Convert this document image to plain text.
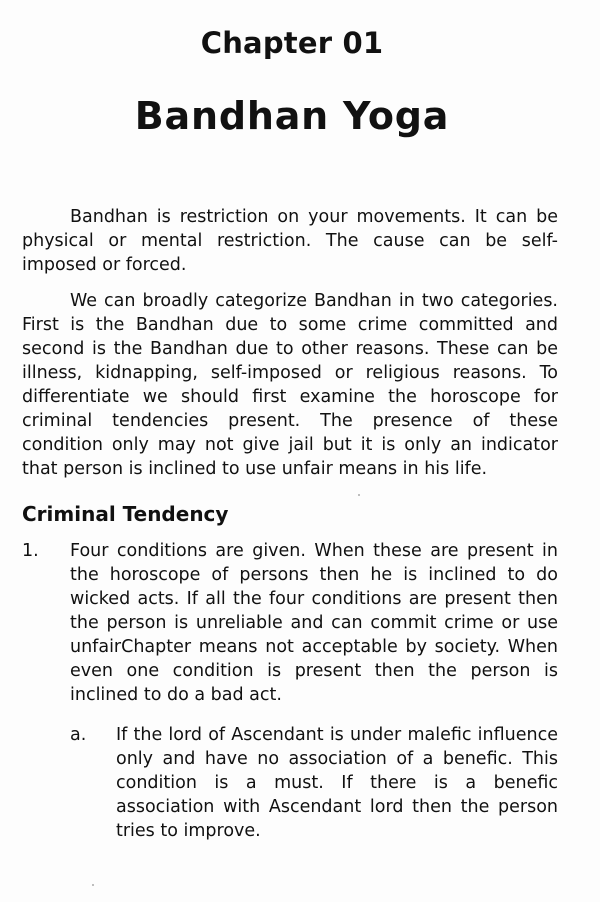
Chapter 01
Bandhan Yoga

Bandhan is restriction on your movements. It can be physical or mental restriction. The cause can be self-imposed or forced.

We can broadly categorize Bandhan in two categories. First is the Bandhan due to some crime committed and second is the Bandhan due to other reasons. These can be illness, kidnapping, self-imposed or religious reasons. To differentiate we should first examine the horoscope for criminal tendencies present. The presence of these condition only may not give jail but it is only an indicator that person is inclined to use unfair means in his life.

Criminal Tendency
1. Four conditions are given. When these are present in the horoscope of persons then he is inclined to do wicked acts. If all the four conditions are present then the person is unreliable and can commit crime or use unfairChapter means not acceptable by society. When even one condition is present then the person is inclined to do a bad act.
a. If the lord of Ascendant is under malefic influence only and have no association of a benefic. This condition is a must. If there is a benefic association with Ascendant lord then the person tries to improve.
